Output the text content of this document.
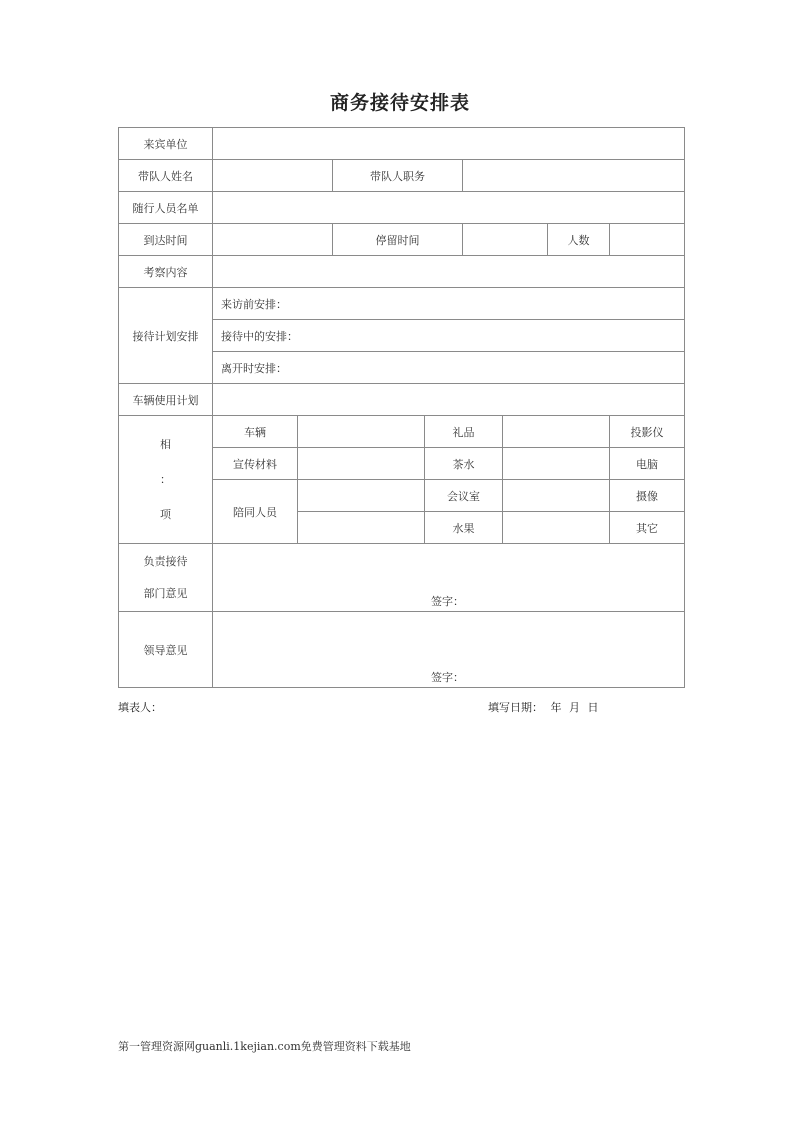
商务接待安排表
来宾单位									
带队人姓名			带队人职务						
随行人员名单									
到达时间			停留时间				人数		
考察内容									
接待计划安排	来访前安排：								
	接待中的安排：								
	离开时安排：								
车辆使用计划									

相
：
项	车辆			礼品				投影仪	
	宣传材料			茶水				电脑	
	陪同人员			会议室				摄像	
				水果				其它	

负责接待
部门意见	签字：								

领导意见	签字：								
填表人：	填写日期： 年 月 日
第一管理资源网guanli.1kejian.com免费管理资料下载基地
